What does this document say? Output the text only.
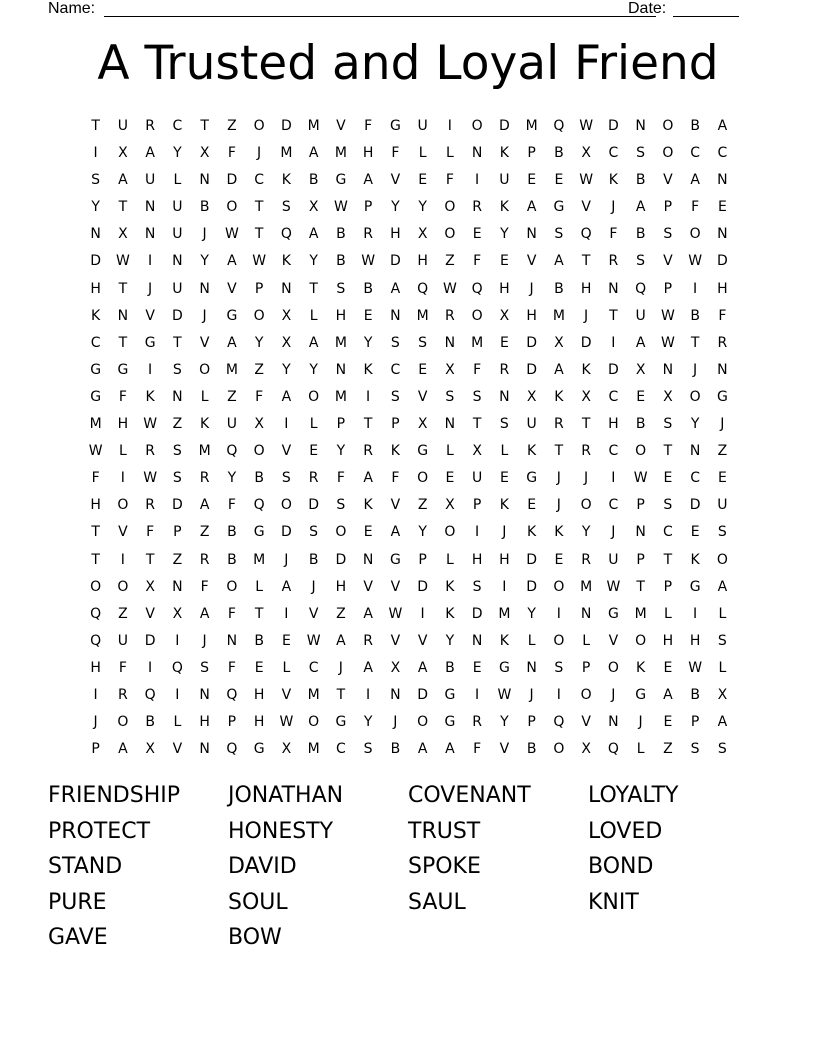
Name:	Date:
A Trusted and Loyal Friend
T	U	R	C	T	Z	O	D	M	V	F	G	U	I	O	D	M	Q	W	D	N	O	B	A
I	X	A	Y	X	F	J	M	A	M	H	F	L	L	N	K	P	B	X	C	S	O	C	C
S	A	U	L	N	D	C	K	B	G	A	V	E	F	I	U	E	E	W	K	B	V	A	N
Y	T	N	U	B	O	T	S	X	W	P	Y	Y	O	R	K	A	G	V	J	A	P	F	E
N	X	N	U	J	W	T	Q	A	B	R	H	X	O	E	Y	N	S	Q	F	B	S	O	N
D	W	I	N	Y	A	W	K	Y	B	W	D	H	Z	F	E	V	A	T	R	S	V	W	D
H	T	J	U	N	V	P	N	T	S	B	A	Q	W	Q	H	J	B	H	N	Q	P	I	H
K	N	V	D	J	G	O	X	L	H	E	N	M	R	O	X	H	M	J	T	U	W	B	F
C	T	G	T	V	A	Y	X	A	M	Y	S	S	N	M	E	D	X	D	I	A	W	T	R
G	G	I	S	O	M	Z	Y	Y	N	K	C	E	X	F	R	D	A	K	D	X	N	J	N
G	F	K	N	L	Z	F	A	O	M	I	S	V	S	S	N	X	K	X	C	E	X	O	G
M	H	W	Z	K	U	X	I	L	P	T	P	X	N	T	S	U	R	T	H	B	S	Y	J
W	L	R	S	M	Q	O	V	E	Y	R	K	G	L	X	L	K	T	R	C	O	T	N	Z
F	I	W	S	R	Y	B	S	R	F	A	F	O	E	U	E	G	J	J	I	W	E	C	E
H	O	R	D	A	F	Q	O	D	S	K	V	Z	X	P	K	E	J	O	C	P	S	D	U
T	V	F	P	Z	B	G	D	S	O	E	A	Y	O	I	J	K	K	Y	J	N	C	E	S
T	I	T	Z	R	B	M	J	B	D	N	G	P	L	H	H	D	E	R	U	P	T	K	O
O	O	X	N	F	O	L	A	J	H	V	V	D	K	S	I	D	O	M	W	T	P	G	A
Q	Z	V	X	A	F	T	I	V	Z	A	W	I	K	D	M	Y	I	N	G	M	L	I	L
Q	U	D	I	J	N	B	E	W	A	R	V	V	Y	N	K	L	O	L	V	O	H	H	S
H	F	I	Q	S	F	E	L	C	J	A	X	A	B	E	G	N	S	P	O	K	E	W	L
I	R	Q	I	N	Q	H	V	M	T	I	N	D	G	I	W	J	I	O	J	G	A	B	X
J	O	B	L	H	P	H	W	O	G	Y	J	O	G	R	Y	P	Q	V	N	J	E	P	A
P	A	X	V	N	Q	G	X	M	C	S	B	A	A	F	V	B	O	X	Q	L	Z	S	S
FRIENDSHIP	JONATHAN	COVENANT	LOYALTY
PROTECT	HONESTY	TRUST	LOVED
STAND	DAVID	SPOKE	BOND
PURE	SOUL	SAUL	KNIT
GAVE	BOW
